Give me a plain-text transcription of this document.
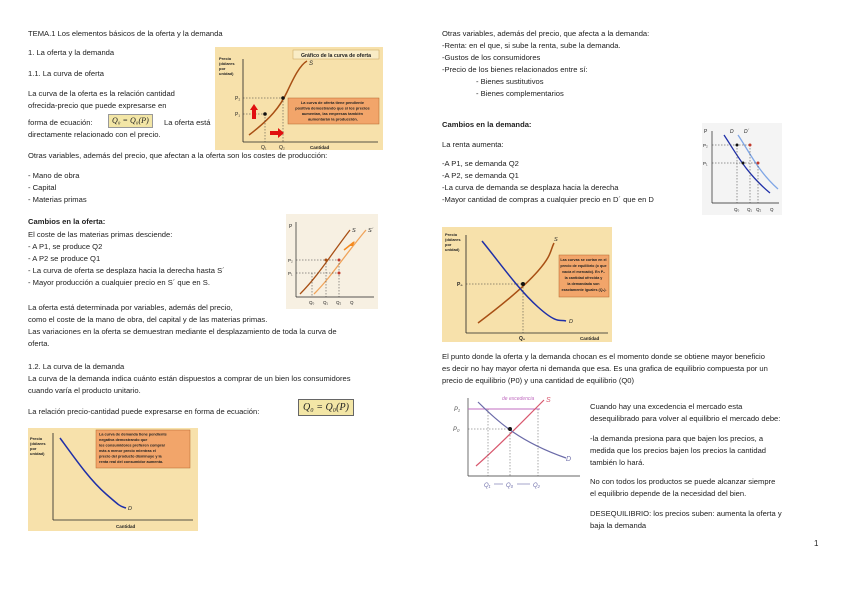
TEMA.1 Los elementos básicos de la oferta y la demanda
1. La oferta y la demanda
1.1. La curva de oferta
La curva de la oferta es la relación cantidad
ofrecida-precio que puede expresarse en
forma de ecuación:	Q₀ = Q₀(P)	La oferta está
directamente relacionado con el precio.
Otras variables, además del precio, que afectan a la oferta son los costes de producción:
- Mano de obra
- Capital
- Materias primas
Cambios en la oferta:
El coste de las materias primas desciende:
- A P1, se produce Q2
- A P2 se produce Q1
- La curva de oferta se desplaza hacia la derecha hasta S´
- Mayor producción a cualquier precio en S´ que en S.
La oferta está determinada por variables, además del precio,
como el coste de la mano de obra, del capital y de las materias primas.
Las variaciones en la oferta se demuestran mediante el desplazamiento de toda la curva de
oferta.
1.2. La curva de la demanda
La curva de la demanda indica cuánto están dispuestos a comprar de un bien los consumidores
cuando varía el producto unitario.
La relación precio-cantidad puede expresarse en forma de ecuación:	Q₀ = Q₀(P)
Gráfico de la curva de oferta
Precio (dólares por unidad)
S
P₂
P₁
Q₁ Q₂	Cantidad
La curva de oferta tiene pendiente positiva demostrando que si los precios aumentan, las empresas también aumentarán la producción.
S S´
P
P₂
P₁
Q₀ Q₁ Q₂ Q
Precio (dólares por unidad)
D
Cantidad
La curva de demanda tiene pendiente negativa demostrando que los consumidores prefieren comprar más a menor precio mientras el precio del producto disminuye y la renta real del consumidor aumenta.
Otras variables, además del precio, que afecta a la demanda:
-Renta: en el que, si sube la renta, sube la demanda.
-Gustos de los consumidores
-Precio de los bienes relacionados entre sí:
- Bienes sustitutivos
- Bienes complementarios
Cambios en la demanda:
La renta aumenta:
-A P1, se demanda Q2
-A P2, se demanda Q1
-La curva de demanda se desplaza hacia la derecha
-Mayor cantidad de compras a cualquier precio en D´ que en D
D D´
P
P₂
P₁
Q₀ Q₁ Q₂ Q
Precio (dólares por unidad)
S
D
P₀
Q₀	Cantidad
Las curvas se cortan en el precio de equilibrio (o que vacía el mercado). En P₀ la cantidad ofrecida y la demandada son exactamente iguales (Q₀).
El punto donde la oferta y la demanda chocan es el momento donde se obtiene mayor beneficio
es decir no hay mayor oferta ni demanda que esa. Es una grafica de equilibrio compuesta por un
precio de equilibrio (P0) y una cantidad de equilibrio (Q0)
de excedencia S
D
P₁
P₀
Q₁	Q₀	Q₂
Cuando hay una excedencia el mercado esta
desequilibrado para volver al equilibrio el mercado debe:
-la demanda presiona para que bajen los precios, a
medida que los precios bajen los precios la cantidad
también lo hará.
No con todos los productos se puede alcanzar siempre
el equilibrio depende de la necesidad del bien.
DESEQUILIBRIO: los precios suben: aumenta la oferta y
baja la demanda
1
